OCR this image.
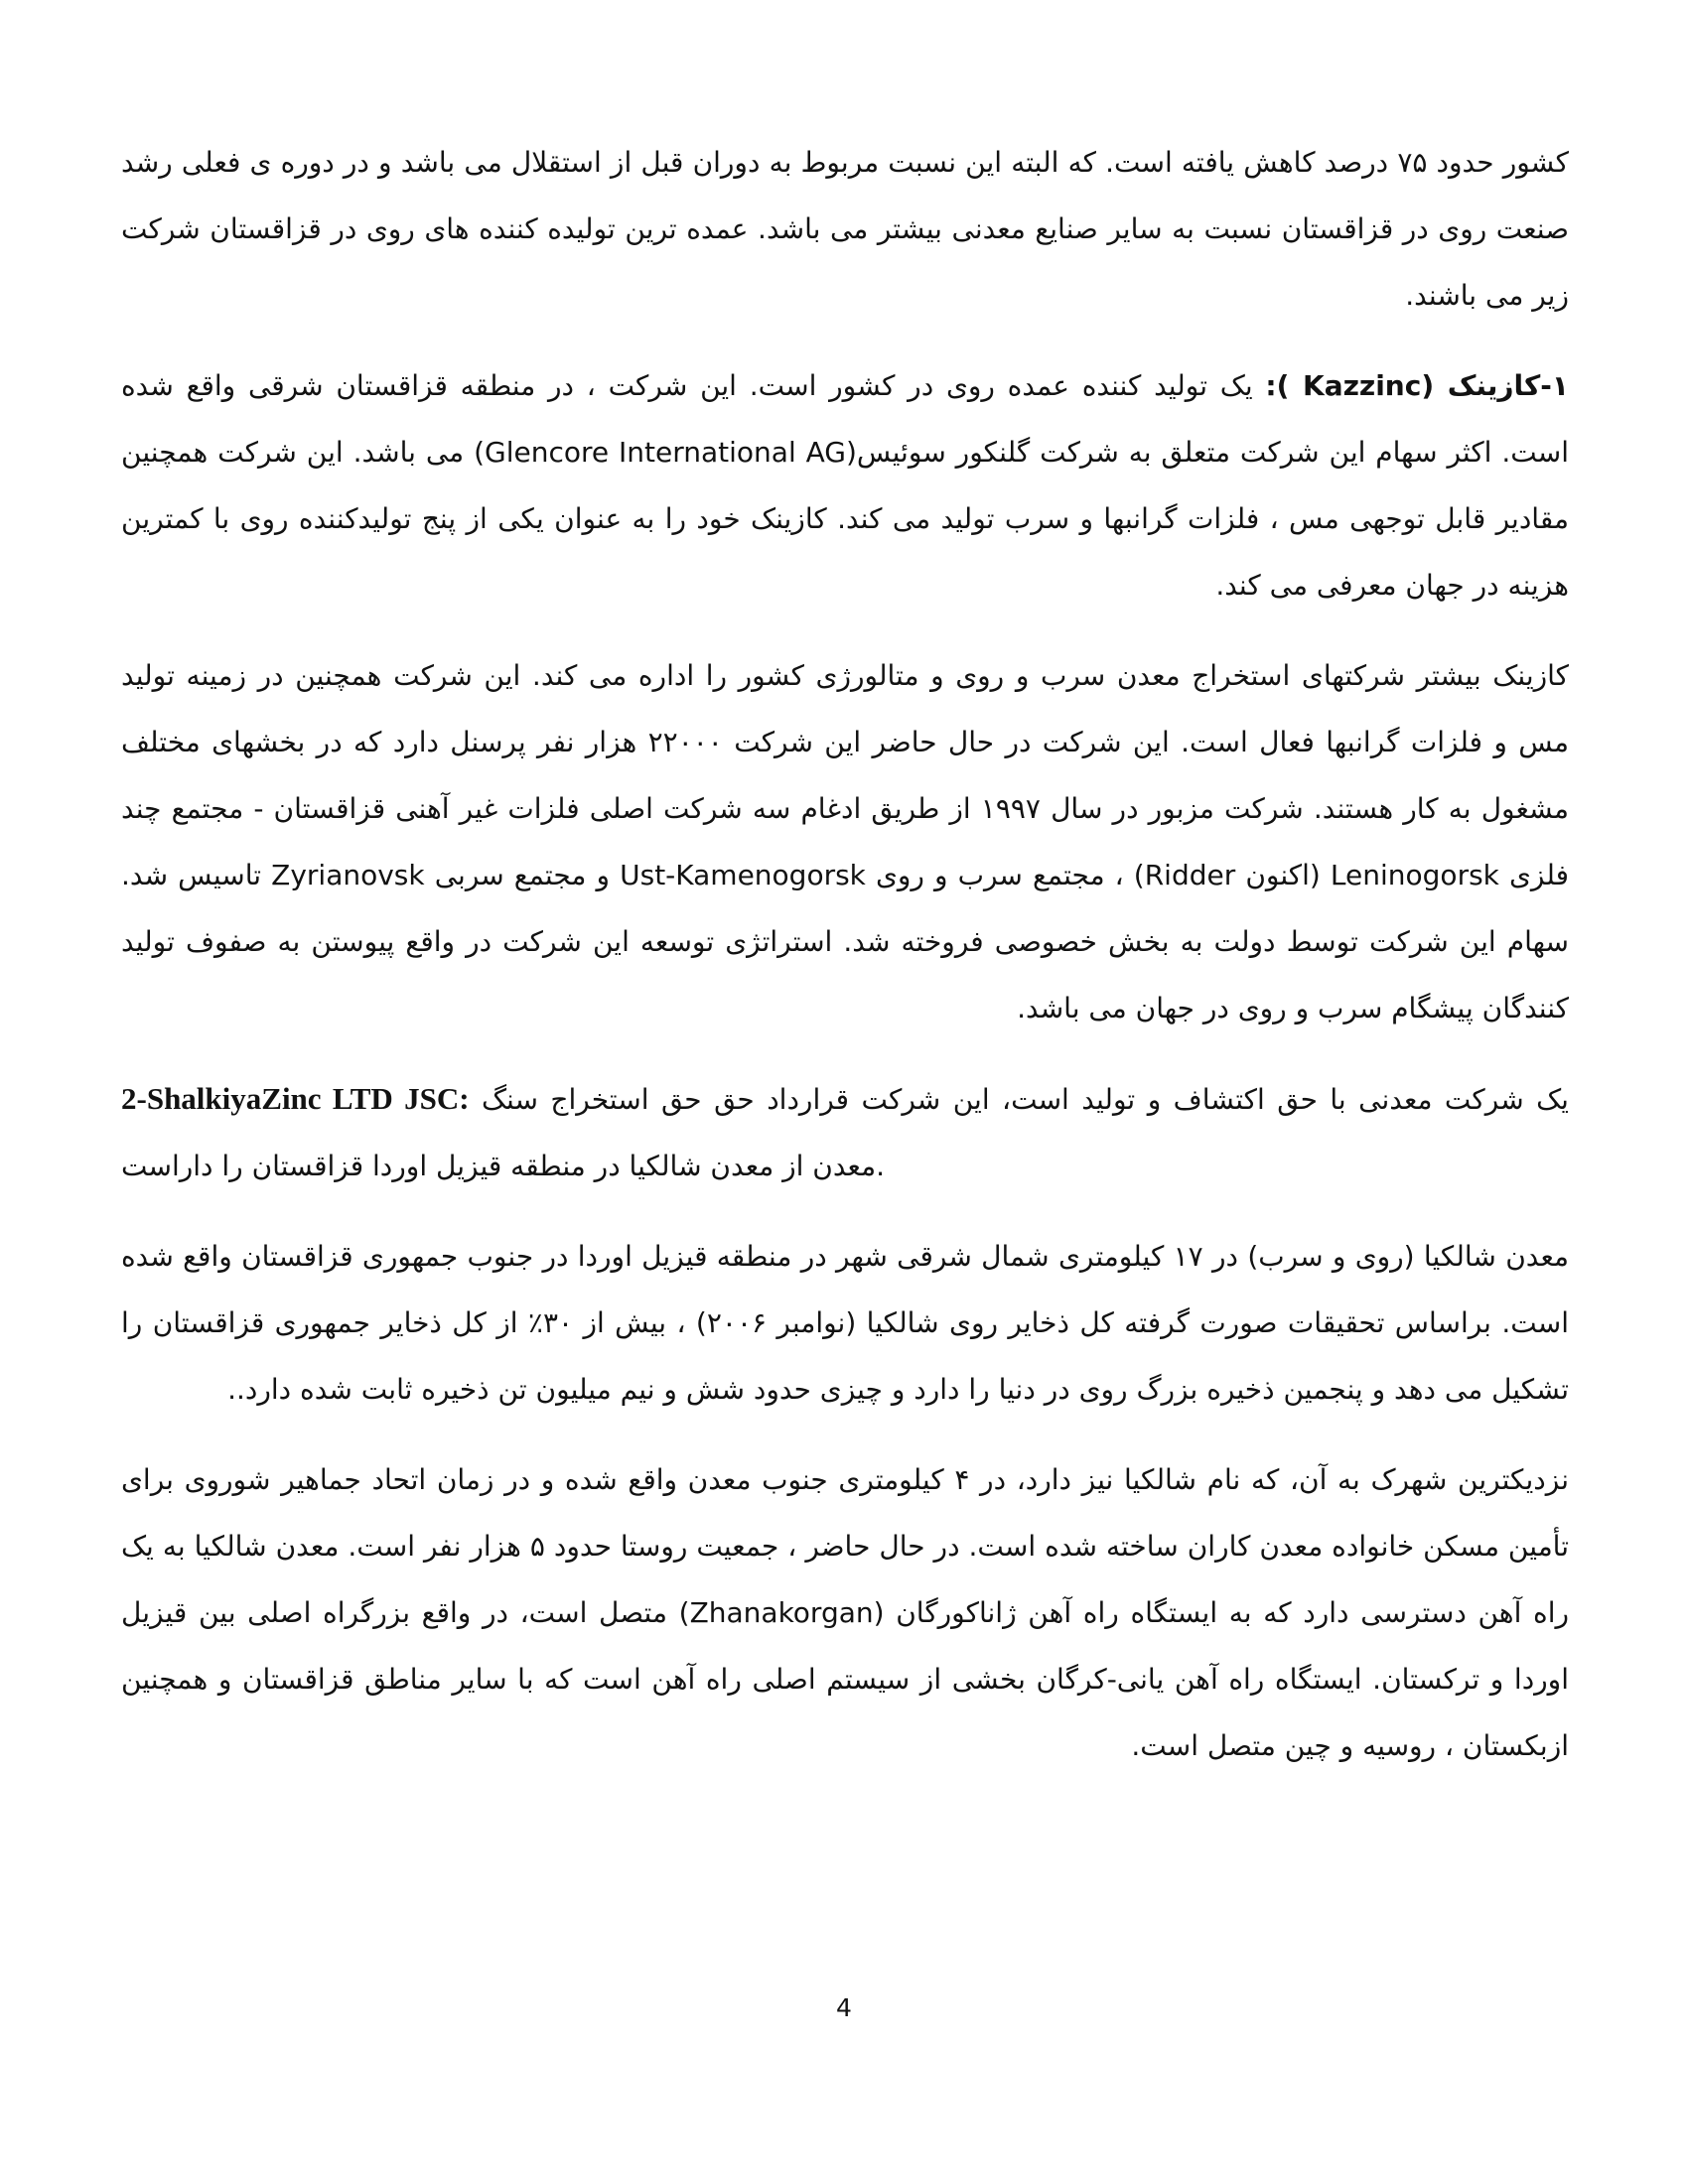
کشور حدود ۷۵ درصد کاهش یافته است. که البته این نسبت مربوط به دوران قبل از استقلال می باشد و در دوره ی فعلی رشد صنعت روی در قزاقستان نسبت به سایر صنایع معدنی بیشتر می باشد. عمده ترین تولیده کننده های روی در قزاقستان شرکت زیر می باشند.

۱-کازینک (Kazzinc ): یک تولید کننده عمده روی در کشور است. این شرکت ، در منطقه قزاقستان شرقی واقع شده است. اکثر سهام این شرکت متعلق به شرکت گلنکور سوئیس(Glencore International AG) می باشد. این شرکت همچنین مقادیر قابل توجهی مس ، فلزات گرانبها و سرب تولید می کند. کازینک خود را به عنوان یکی از پنج تولیدکننده روی با کمترین هزینه در جهان معرفی می کند.

کازینک بیشتر شرکتهای استخراج معدن سرب و روی و متالورژی کشور را اداره می کند. این شرکت همچنین در زمینه تولید مس و فلزات گرانبها فعال است. این شرکت در حال حاضر این شرکت ۲۲۰۰۰ هزار نفر پرسنل دارد که در بخشهای مختلف مشغول به کار هستند. شرکت مزبور در سال ۱۹۹۷ از طریق ادغام سه شرکت اصلی فلزات غیر آهنی قزاقستان - مجتمع چند فلزی Leninogorsk (اکنون Ridder) ، مجتمع سرب و روی Ust-Kamenogorsk و مجتمع سربی Zyrianovsk تاسیس شد. سهام این شرکت توسط دولت به بخش خصوصی فروخته شد. استراتژی توسعه این شرکت در واقع پیوستن به صفوف تولید کنندگان پیشگام سرب و روی در جهان می باشد.

2-ShalkiyaZinc LTD JSC: یک شرکت معدنی با حق اکتشاف و تولید است، این شرکت قرارداد حق حق استخراج سنگ معدن از معدن شالکیا در منطقه قیزیل اوردا قزاقستان را داراست.

معدن شالکیا (روی و سرب) در ۱۷ کیلومتری شمال شرقی شهر در منطقه قیزیل اوردا در جنوب جمهوری قزاقستان واقع شده است. براساس تحقیقات صورت گرفته کل ذخایر روی شالکیا (نوامبر ۲۰۰۶) ، بیش از ۳۰٪ از کل ذخایر جمهوری قزاقستان را تشکیل می دهد و پنجمین ذخیره بزرگ روی در دنیا را دارد و چیزی حدود شش و نیم میلیون تن ذخیره ثابت شده دارد..

نزدیکترین شهرک به آن، که نام شالکیا نیز دارد، در ۴ کیلومتری جنوب معدن واقع شده و در زمان اتحاد جماهیر شوروی برای تأمین مسکن خانواده معدن کاران ساخته شده است. در حال حاضر ، جمعیت روستا حدود ۵ هزار نفر است. معدن شالکیا به یک راه آهن دسترسی دارد که به ایستگاه راه آهن ژاناکورگان (Zhanakorgan) متصل است، در واقع بزرگراه اصلی بین قیزیل اوردا و ترکستان. ایستگاه راه آهن یانی-کرگان بخشی از سیستم اصلی راه آهن است که با سایر مناطق قزاقستان و همچنین ازبکستان ، روسیه و چین متصل است.

4
